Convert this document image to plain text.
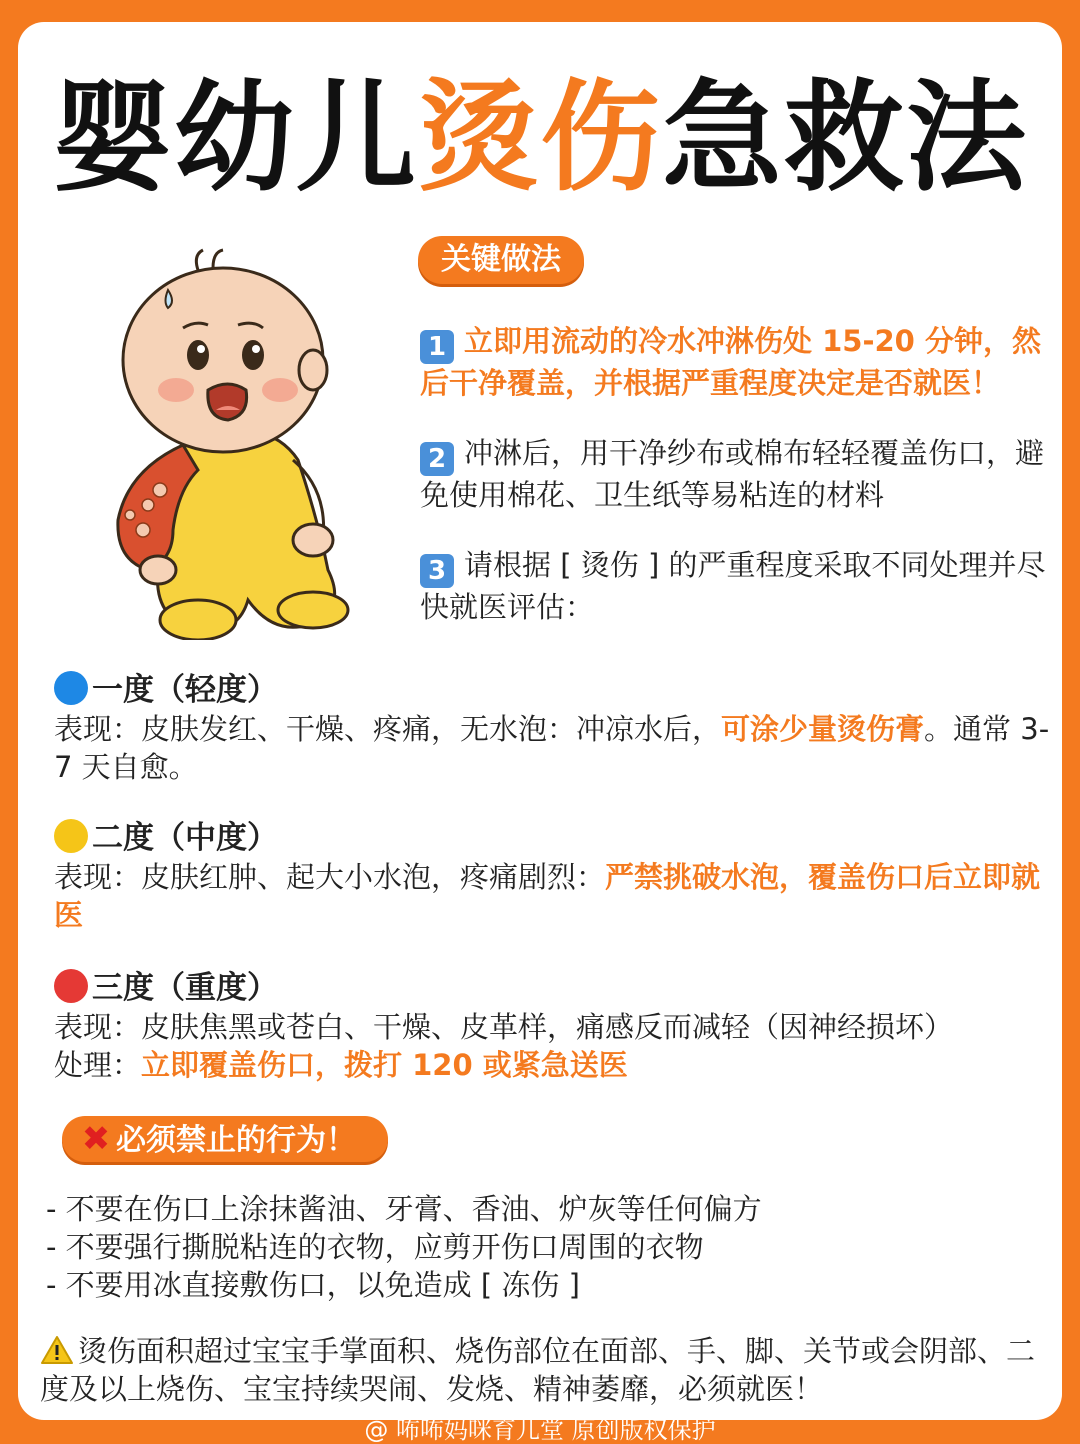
婴幼儿烫伤急救法
关键做法
1 立即用流动的冷水冲淋伤处 15-20 分钟，然后干净覆盖，并根据严重程度决定是否就医！
2 冲淋后，用干净纱布或棉布轻轻覆盖伤口，避免使用棉花、卫生纸等易粘连的材料
3 请根据 [ 烫伤 ] 的严重程度采取不同处理并尽快就医评估：
一度（轻度）
表现：皮肤发红、干燥、疼痛，无水泡：冲凉水后，可涂少量烫伤膏。通常 3-7 天自愈。
二度（中度）
表现：皮肤红肿、起大小水泡，疼痛剧烈：严禁挑破水泡，覆盖伤口后立即就医
三度（重度）
表现：皮肤焦黑或苍白、干燥、皮革样，痛感反而减轻（因神经损坏）
处理：立即覆盖伤口，拨打 120 或紧急送医
✖ 必须禁止的行为！
- 不要在伤口上涂抹酱油、牙膏、香油、炉灰等任何偏方
- 不要强行撕脱粘连的衣物，应剪开伤口周围的衣物
- 不要用冰直接敷伤口，以免造成 [ 冻伤 ]
烫伤面积超过宝宝手掌面积、烧伤部位在面部、手、脚、关节或会阴部、二度及以上烧伤、宝宝持续哭闹、发烧、精神萎靡，必须就医！
@ 咘咘妈咪育儿堂 原创版权保护
